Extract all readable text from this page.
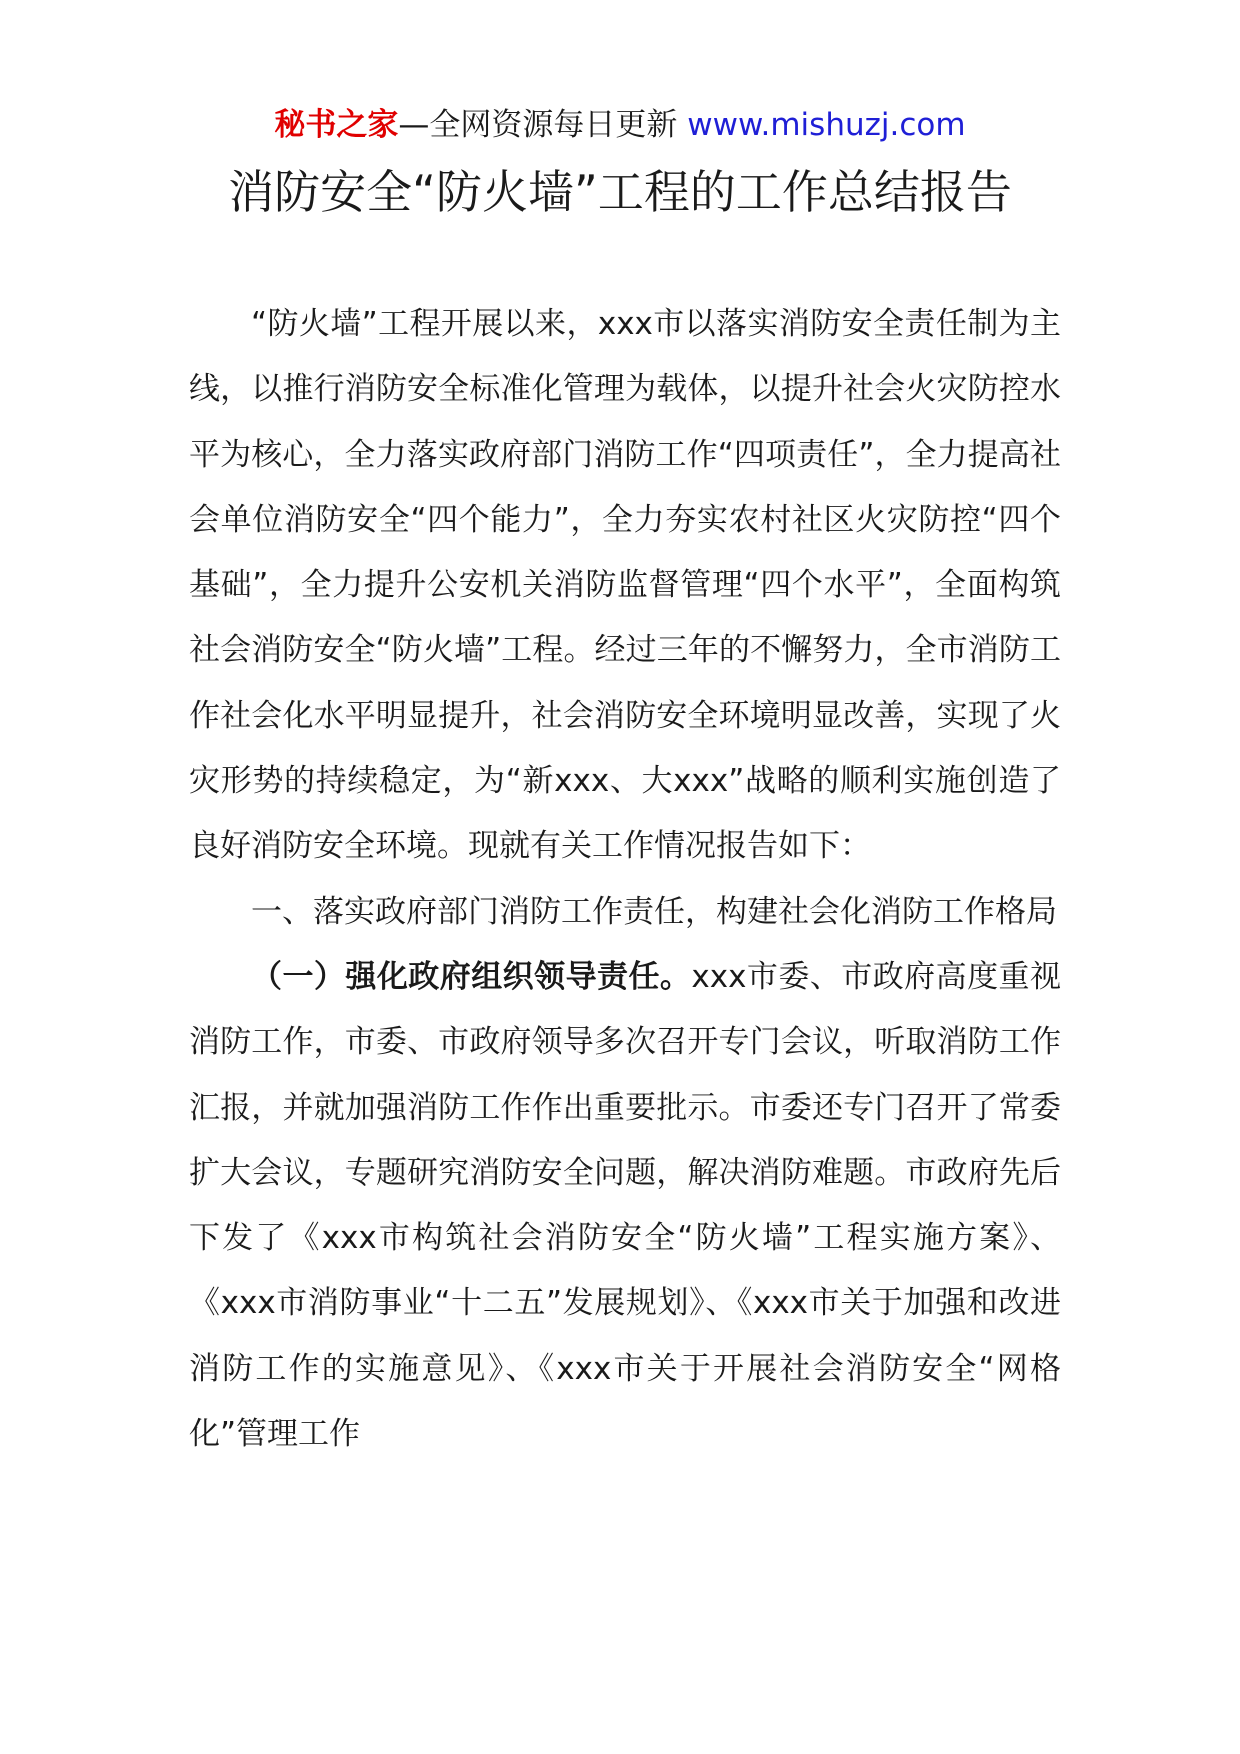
秘书之家—全网资源每日更新 www.mishuzj.com
消防安全“防火墙”工程的工作总结报告

“防火墙”工程开展以来，xxx市以落实消防安全责任制为主线，以推行消防安全标准化管理为载体，以提升社会火灾防控水平为核心，全力落实政府部门消防工作“四项责任”，全力提高社会单位消防安全“四个能力”，全力夯实农村社区火灾防控“四个基础”，全力提升公安机关消防监督管理“四个水平”，全面构筑社会消防安全“防火墙”工程。经过三年的不懈努力，全市消防工作社会化水平明显提升，社会消防安全环境明显改善，实现了火灾形势的持续稳定，为“新xxx、大xxx”战略的顺利实施创造了良好消防安全环境。现就有关工作情况报告如下：

一、落实政府部门消防工作责任，构建社会化消防工作格局

（一）强化政府组织领导责任。xxx市委、市政府高度重视消防工作，市委、市政府领导多次召开专门会议，听取消防工作汇报，并就加强消防工作作出重要批示。市委还专门召开了常委扩大会议，专题研究消防安全问题，解决消防难题。市政府先后下发了《xxx市构筑社会消防安全“防火墙”工程实施方案》、《xxx市消防事业“十二五”发展规划》、《xxx市关于加强和改进消防工作的实施意见》、《xxx市关于开展社会消防安全“网格化”管理工作
